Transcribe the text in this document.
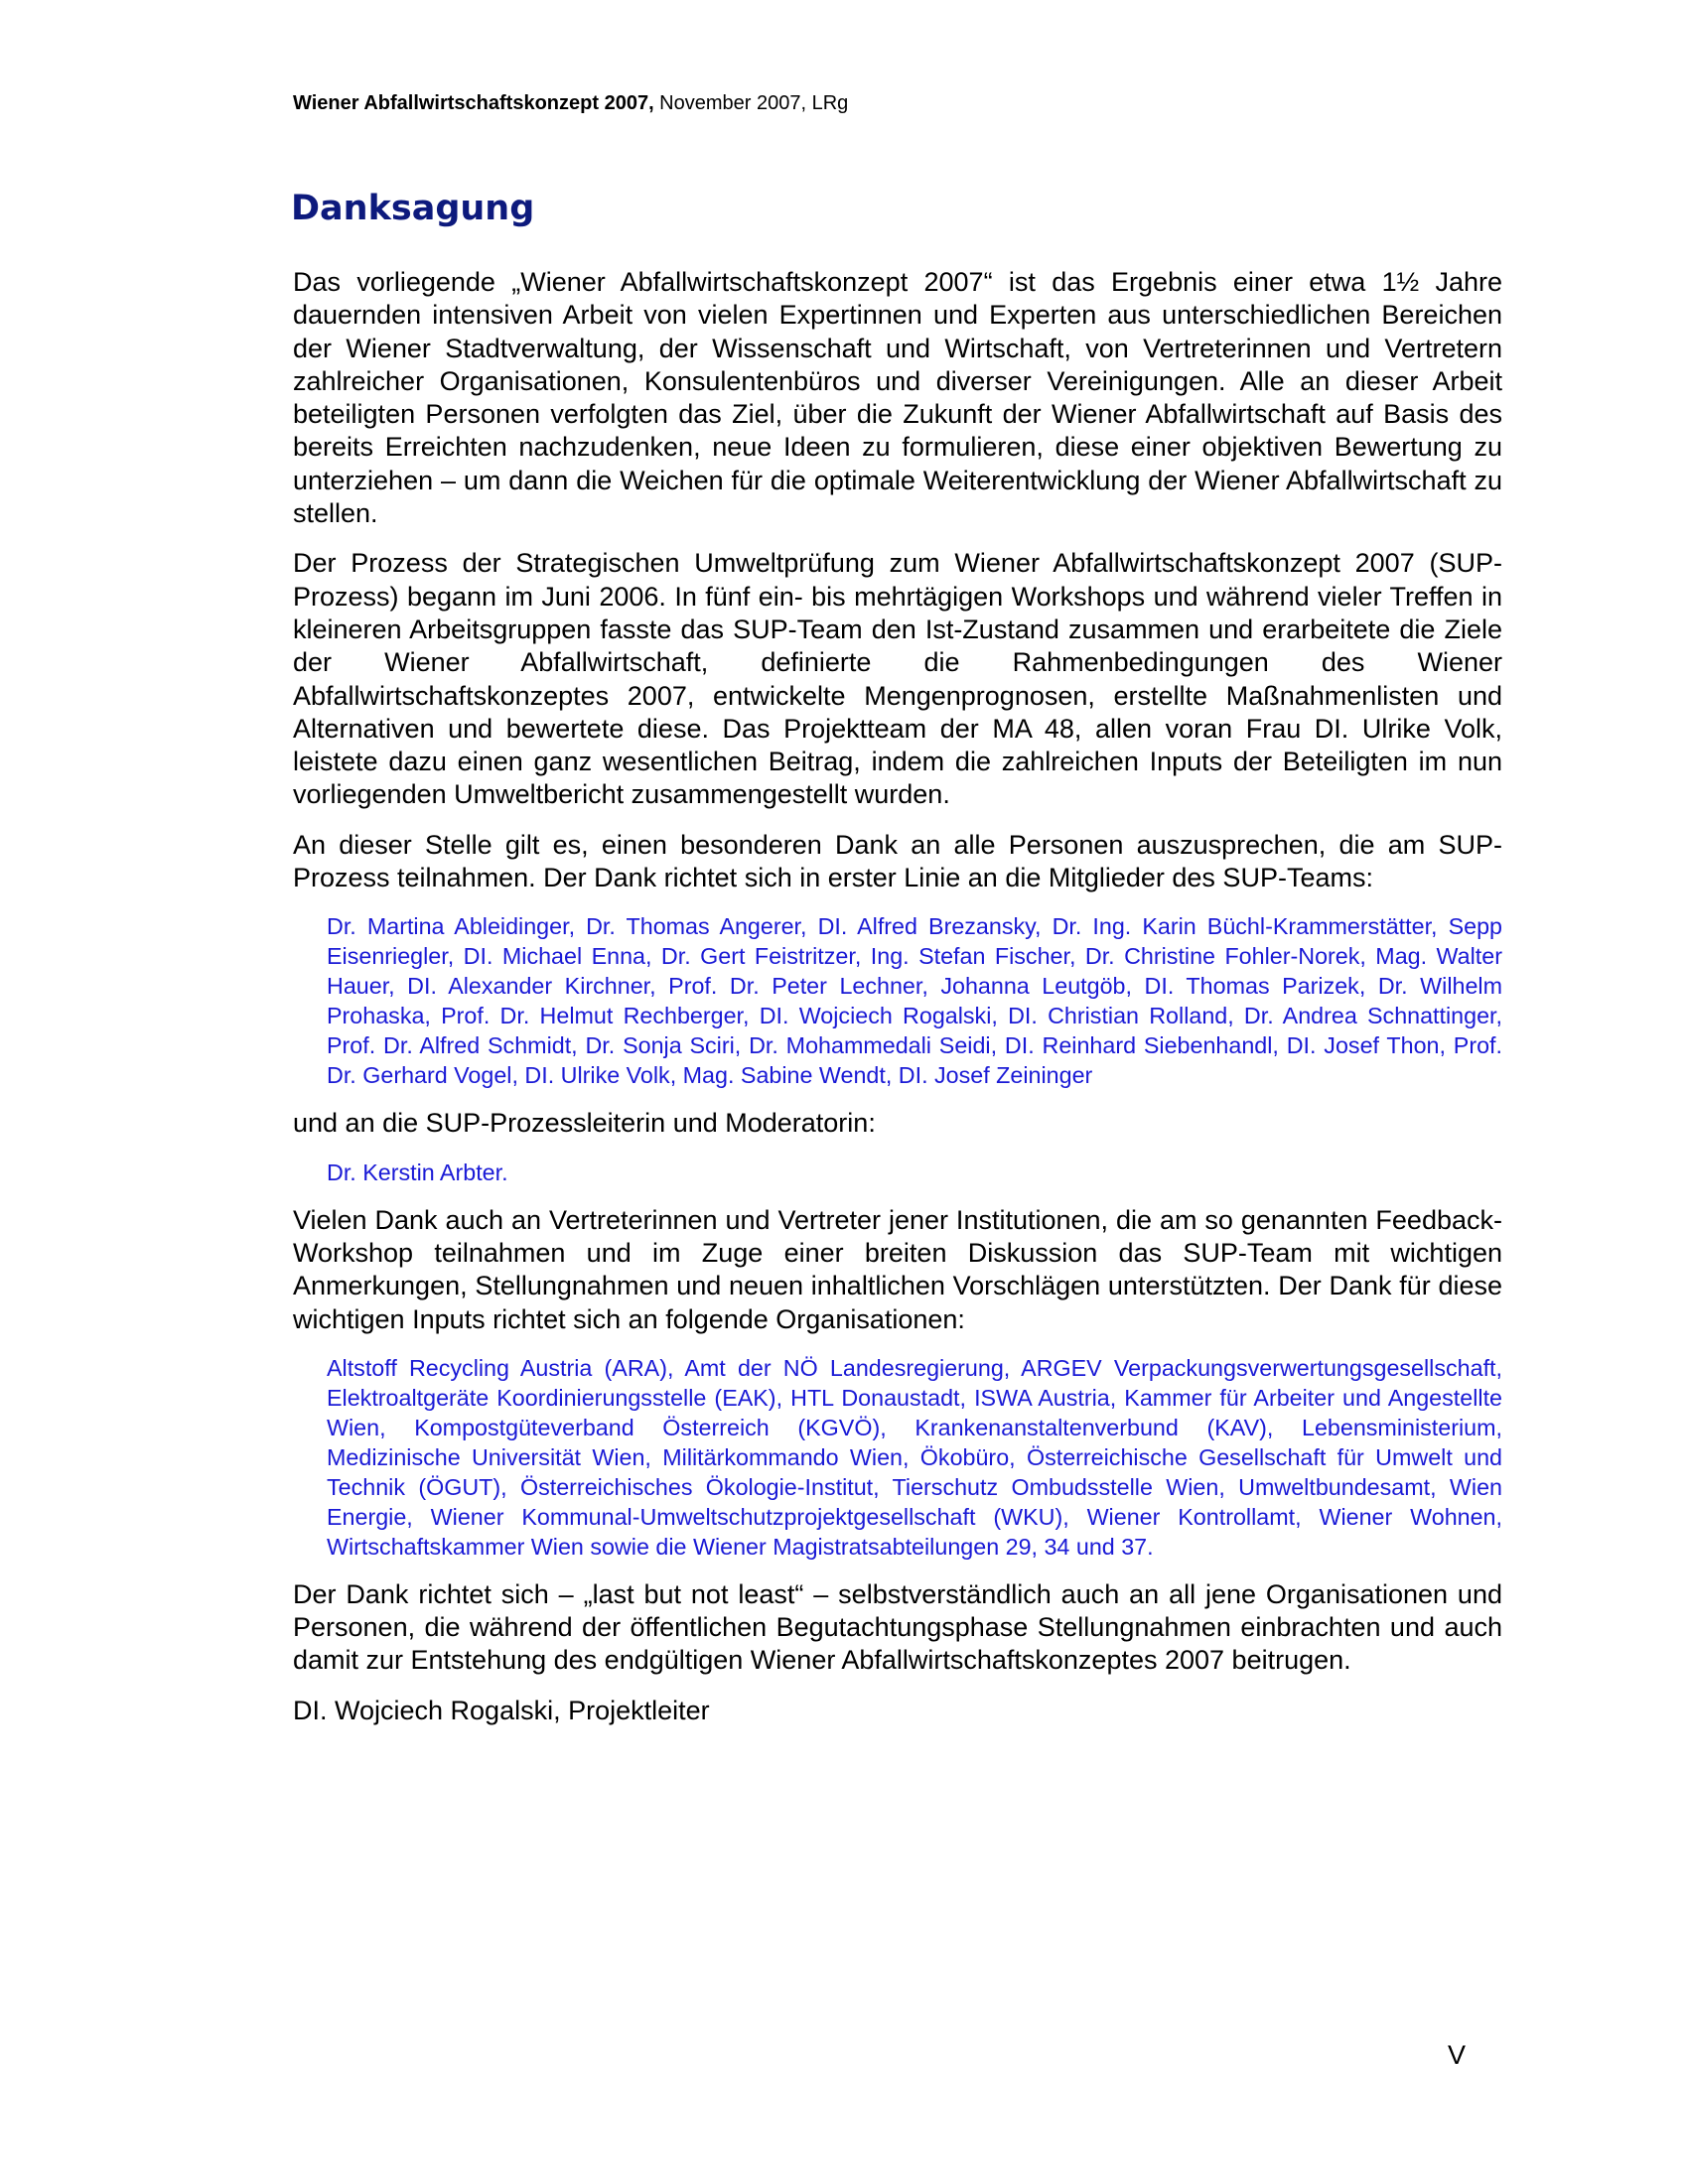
Wiener Abfallwirtschaftskonzept 2007, November 2007, LRg
Danksagung

Das vorliegende „Wiener Abfallwirtschaftskonzept 2007“ ist das Ergebnis einer etwa 1½ Jahre dauernden intensiven Arbeit von vielen Expertinnen und Experten aus unterschiedlichen Bereichen der Wiener Stadtverwaltung, der Wissenschaft und Wirtschaft, von Vertreterinnen und Vertretern zahlreicher Organisationen, Konsulentenbüros und diverser Vereinigungen. Alle an dieser Arbeit beteiligten Personen verfolgten das Ziel, über die Zukunft der Wiener Abfallwirtschaft auf Basis des bereits Erreichten nachzudenken, neue Ideen zu formulieren, diese einer objektiven Bewertung zu unterziehen – um dann die Weichen für die optimale Weiterentwicklung der Wiener Abfallwirtschaft zu stellen.

Der Prozess der Strategischen Umweltprüfung zum Wiener Abfallwirtschaftskonzept 2007 (SUP-Prozess) begann im Juni 2006. In fünf ein- bis mehrtägigen Workshops und während vieler Treffen in kleineren Arbeitsgruppen fasste das SUP-Team den Ist-Zustand zusammen und erarbeitete die Ziele der Wiener Abfallwirtschaft, definierte die Rahmenbedingungen des Wiener Abfallwirtschaftskonzeptes 2007, entwickelte Mengenprognosen, erstellte Maßnahmenlisten und Alternativen und bewertete diese. Das Projektteam der MA 48, allen voran Frau DI. Ulrike Volk, leistete dazu einen ganz wesentlichen Beitrag, indem die zahlreichen Inputs der Beteiligten im nun vorliegenden Umweltbericht zusammengestellt wurden.

An dieser Stelle gilt es, einen besonderen Dank an alle Personen auszusprechen, die am SUP-Prozess teilnahmen. Der Dank richtet sich in erster Linie an die Mitglieder des SUP-Teams:

Dr. Martina Ableidinger, Dr. Thomas Angerer, DI. Alfred Brezansky, Dr. Ing. Karin Büchl-Krammerstätter, Sepp Eisenriegler, DI. Michael Enna, Dr. Gert Feistritzer, Ing. Stefan Fischer, Dr. Christine Fohler-Norek, Mag. Walter Hauer, DI. Alexander Kirchner, Prof. Dr. Peter Lechner, Johanna Leutgöb, DI. Thomas Parizek, Dr. Wilhelm Prohaska, Prof. Dr. Helmut Rechberger, DI. Wojciech Rogalski, DI. Christian Rolland, Dr. Andrea Schnattinger, Prof. Dr. Alfred Schmidt, Dr. Sonja Sciri, Dr. Mohammedali Seidi, DI. Reinhard Siebenhandl, DI. Josef Thon, Prof. Dr. Gerhard Vogel, DI. Ulrike Volk, Mag. Sabine Wendt, DI. Josef Zeininger

und an die SUP-Prozessleiterin und Moderatorin:

Dr. Kerstin Arbter.

Vielen Dank auch an Vertreterinnen und Vertreter jener Institutionen, die am so genannten Feedback-Workshop teilnahmen und im Zuge einer breiten Diskussion das SUP-Team mit wichtigen Anmerkungen, Stellungnahmen und neuen inhaltlichen Vorschlägen unterstützten. Der Dank für diese wichtigen Inputs richtet sich an folgende Organisationen:

Altstoff Recycling Austria (ARA), Amt der NÖ Landesregierung, ARGEV Verpackungsverwertungsgesellschaft, Elektroaltgeräte Koordinierungsstelle (EAK), HTL Donaustadt, ISWA Austria, Kammer für Arbeiter und Angestellte Wien, Kompostgüteverband Österreich (KGVÖ), Krankenanstaltenverbund (KAV), Lebensministerium, Medizinische Universität Wien, Militärkommando Wien, Ökobüro, Österreichische Gesellschaft für Umwelt und Technik (ÖGUT), Österreichisches Ökologie-Institut, Tierschutz Ombudsstelle Wien, Umweltbundesamt, Wien Energie, Wiener Kommunal-Umweltschutzprojektgesellschaft (WKU), Wiener Kontrollamt, Wiener Wohnen, Wirtschaftskammer Wien sowie die Wiener Magistratsabteilungen 29, 34 und 37.

Der Dank richtet sich – „last but not least“ – selbstverständlich auch an all jene Organisationen und Personen, die während der öffentlichen Begutachtungsphase Stellungnahmen einbrachten und auch damit zur Entstehung des endgültigen Wiener Abfallwirtschaftskonzeptes 2007 beitrugen.

DI. Wojciech Rogalski, Projektleiter

V
